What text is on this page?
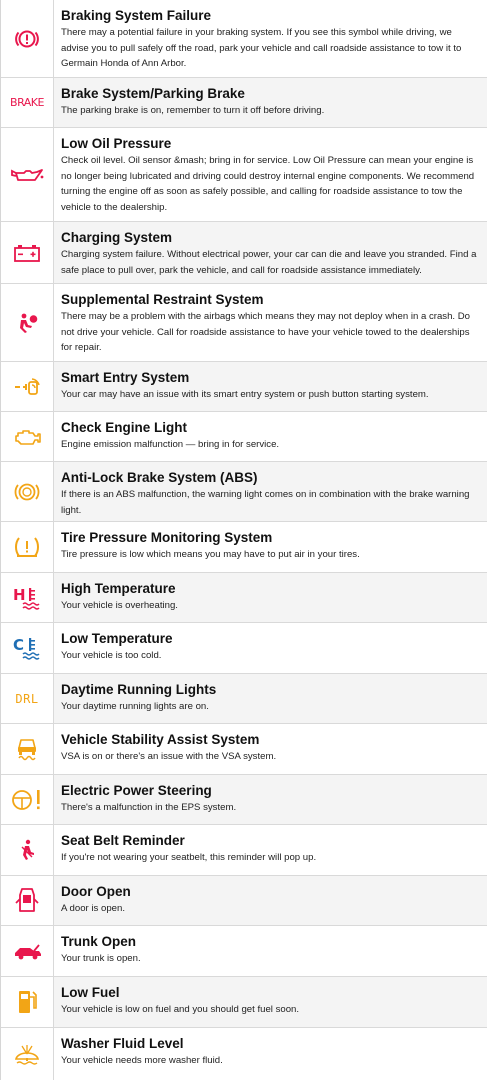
Braking System Failure
There may a potential failure in your braking system. If you see this symbol while driving, we advise you to pull safely off the road, park your vehicle and call roadside assistance to tow it to Germain Honda of Ann Arbor.
BRAKE
Brake System/Parking Brake
The parking brake is on, remember to turn it off before driving.
Low Oil Pressure
Check oil level. Oil sensor &mash; bring in for service. Low Oil Pressure can mean your engine is no longer being lubricated and driving could destroy internal engine components. We recommend turning the engine off as soon as safely possible, and calling for roadside assistance to tow the vehicle to the dealership.
Charging System
Charging system failure. Without electrical power, your car can die and leave you stranded. Find a safe place to pull over, park the vehicle, and call for roadside assistance immediately.
Supplemental Restraint System
There may be a problem with the airbags which means they may not deploy when in a crash. Do not drive your vehicle. Call for roadside assistance to have your vehicle towed to the dealerships for repair.
Smart Entry System
Your car may have an issue with its smart entry system or push button starting system.
Check Engine Light
Engine emission malfunction — bring in for service.
Anti-Lock Brake System (ABS)
If there is an ABS malfunction, the warning light comes on in combination with the brake warning light.
Tire Pressure Monitoring System
Tire pressure is low which means you may have to put air in your tires.
H	High Temperature
Your vehicle is overheating.
C	Low Temperature
Your vehicle is too cold.
DRL
Daytime Running Lights
Your daytime running lights are on.
Vehicle Stability Assist System
VSA is on or there's an issue with the VSA system.
Electric Power Steering
There's a malfunction in the EPS system.
Seat Belt Reminder
If you're not wearing your seatbelt, this reminder will pop up.
Door Open
A door is open.
Trunk Open
Your trunk is open.
Low Fuel
Your vehicle is low on fuel and you should get fuel soon.
Washer Fluid Level
Your vehicle needs more washer fluid.
